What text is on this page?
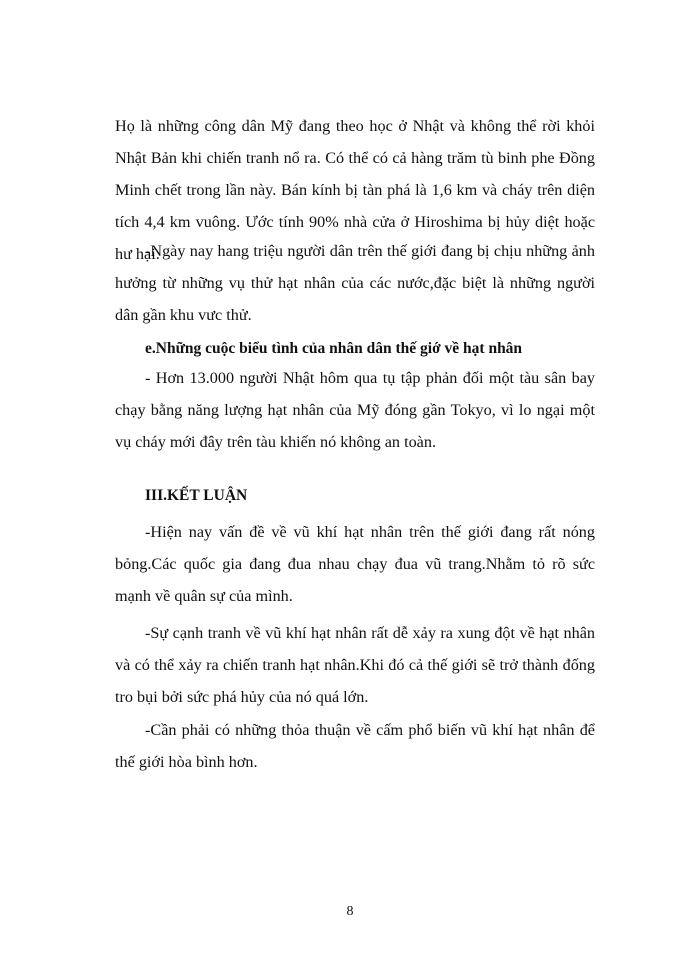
Họ là những công dân Mỹ đang theo học ở Nhật và không thể rời khỏi Nhật Bản khi chiến tranh nổ ra. Có thể có cả hàng trăm tù binh phe Đồng Minh chết trong lần này. Bán kính bị tàn phá là 1,6 km và cháy trên diện tích 4,4 km vuông. Ước tính 90% nhà cửa ở Hiroshima bị hủy diệt hoặc hư hại.

-Ngày nay hang triệu người dân trên thế giới đang bị chịu những ảnh hưởng từ những vụ thử hạt nhân của các nước,đặc biệt là những người dân gần khu vưc thử.

e.Những cuộc biểu tình của nhân dân thế giớ về hạt nhân

- Hơn 13.000 người Nhật hôm qua tụ tập phản đối một tàu sân bay chạy bằng năng lượng hạt nhân của Mỹ đóng gần Tokyo, vì lo ngại một vụ cháy mới đây trên tàu khiến nó không an toàn.

III.KẾT LUẬN

-Hiện nay vấn đề về vũ khí hạt nhân trên thế giới đang rất nóng bỏng.Các quốc gia đang đua nhau chạy đua vũ trang.Nhằm tỏ rõ sức mạnh về quân sự của mình.

-Sự cạnh tranh về vũ khí hạt nhân rất dễ xảy ra xung đột về hạt nhân và có thể xảy ra chiến tranh hạt nhân.Khi đó cả thế giới sẽ trở thành đống tro bụi bởi sức phá hủy của nó quá lớn.

-Cần phải có những thỏa thuận về cấm phổ biến vũ khí hạt nhân để thế giới hòa bình hơn.

8
